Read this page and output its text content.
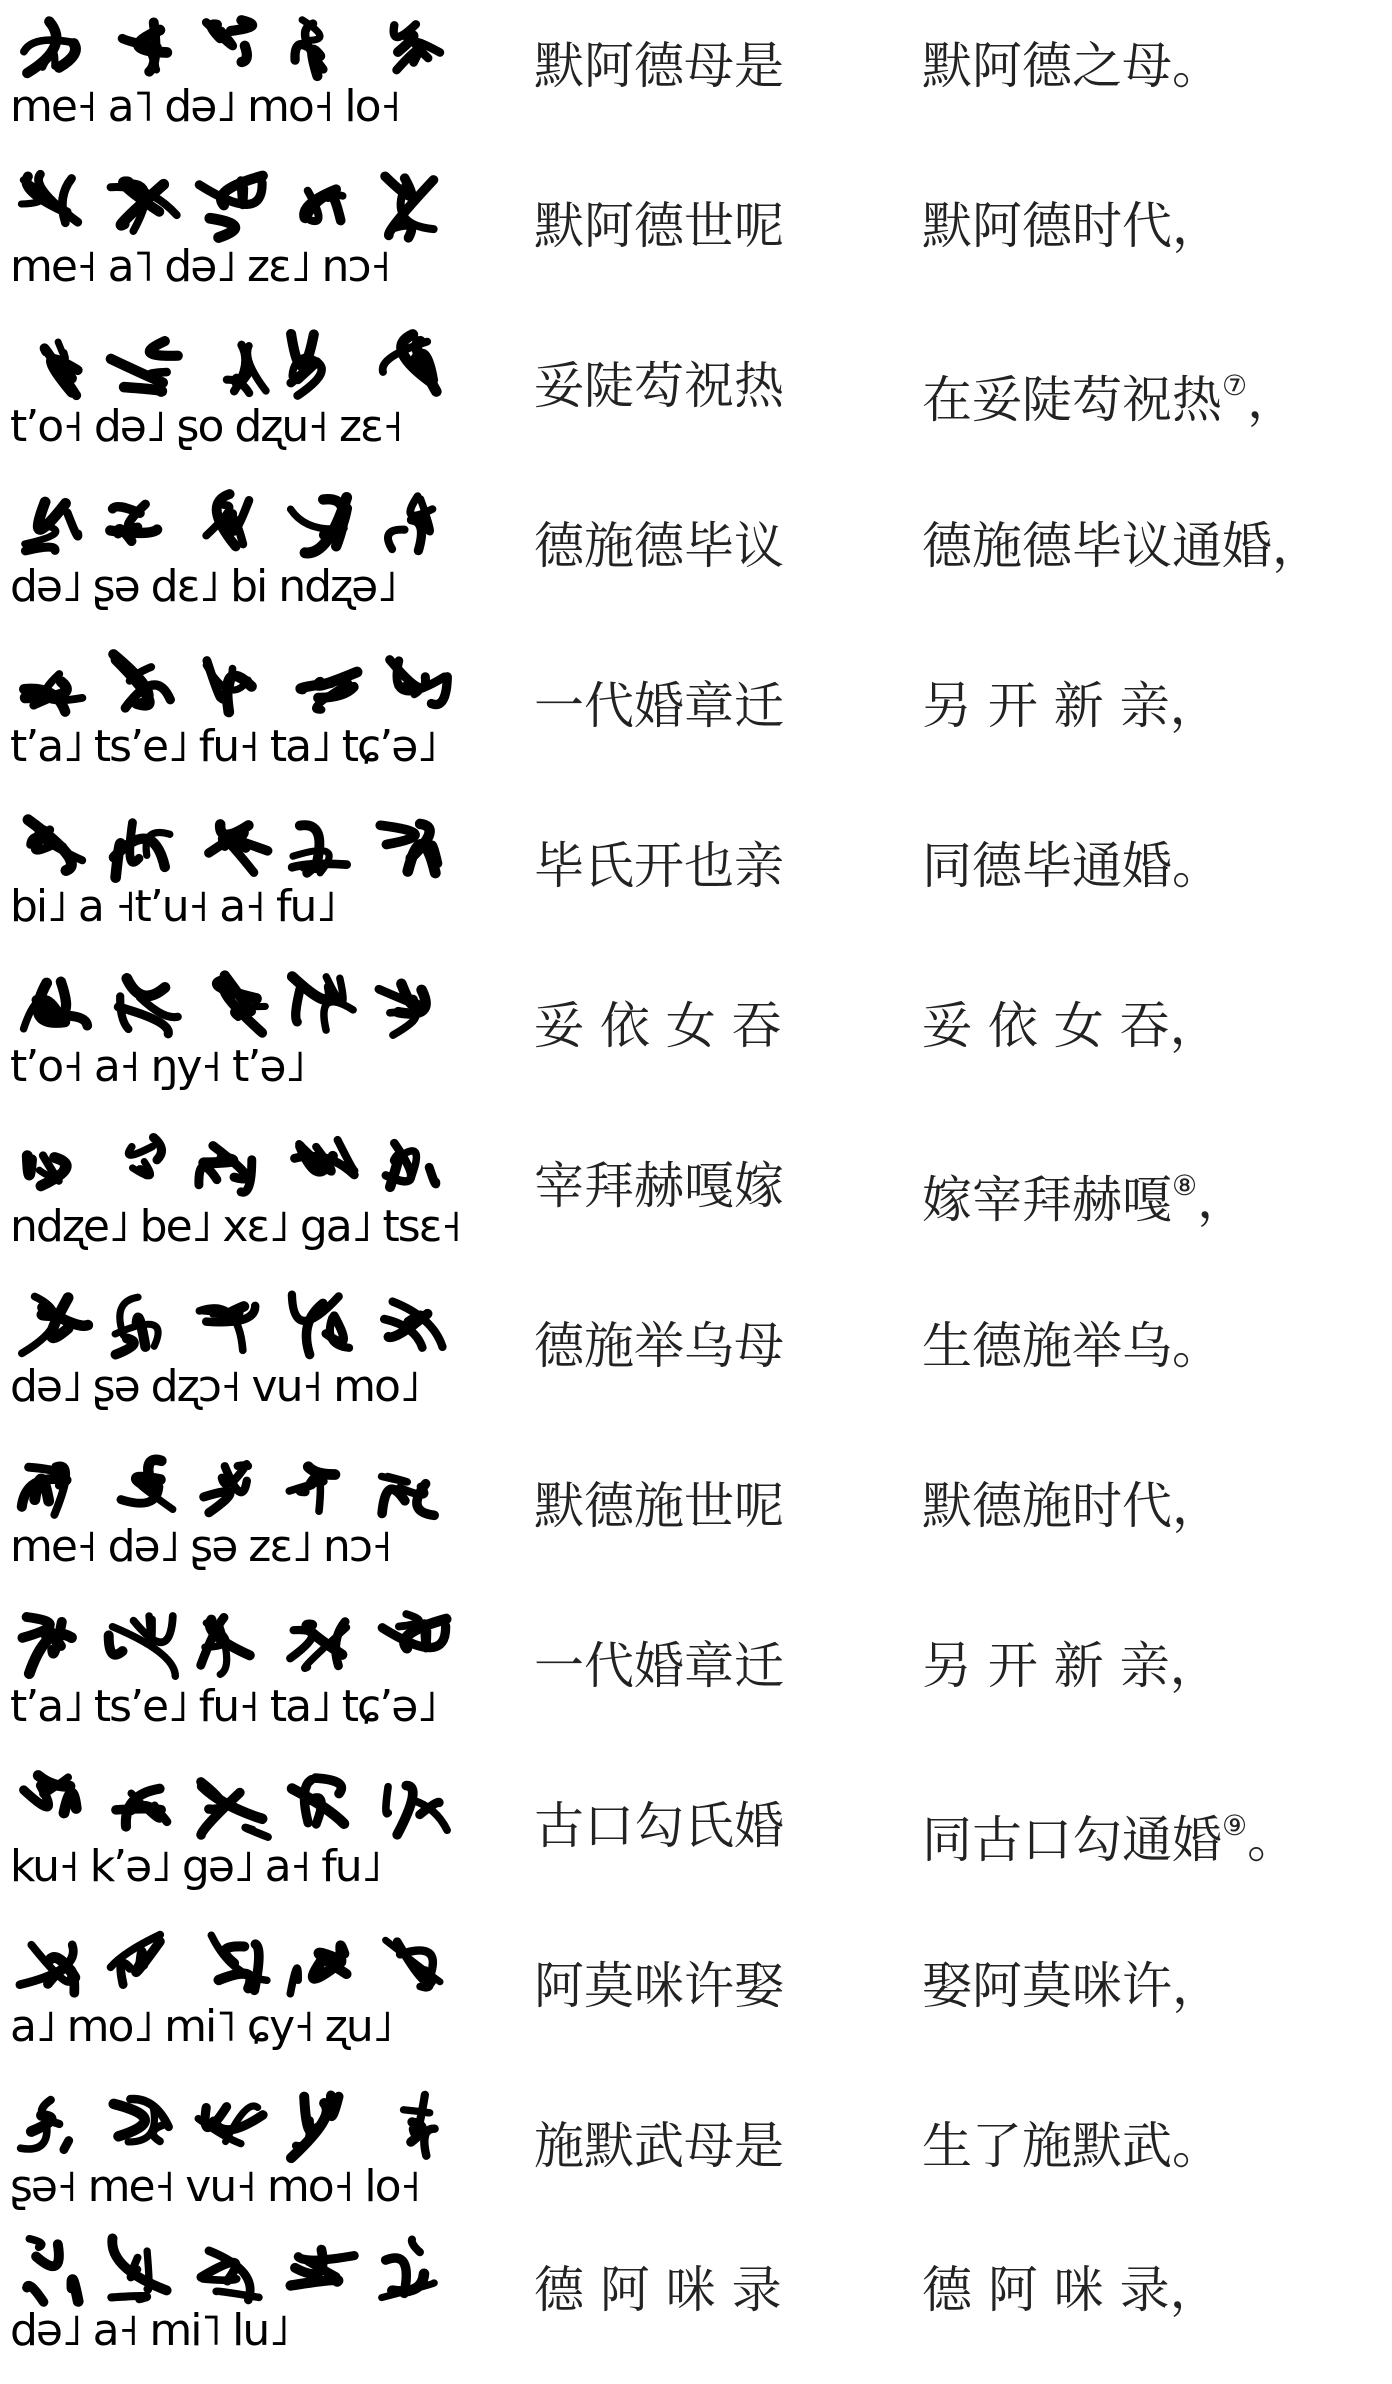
me˧ a˥ də˩ mo˧ lo˧
默阿德母是	默阿德之母。
me˧ a˥ də˩ zɛ˩ nɔ˧
默阿德世呢	默阿德时代，
tʼo˧ də˩ ʂo dʐu˧ zɛ˧
妥陡芶祝热	在妥陡芶祝热⑦，
də˩ ʂə dɛ˩ bi ndʐə˩
德施德毕议	德施德毕议通婚，
tʼa˩ tsʼe˩ fu˧ ta˩ tɕʼə˩
一代婚章迁	另 开 新 亲，
bi˩ a ˧tʼu˧ a˧ fu˩
毕氏开也亲	同德毕通婚。
tʼo˧ a˧ ŋy˧ tʼə˩
妥 依 女 吞	妥 依 女 吞，
ndʐe˩ be˩ xɛ˩ ga˩ tsɛ˧
宰拜赫嘎嫁	嫁宰拜赫嘎⑧，
də˩ ʂə dʐɔ˧ vu˧ mo˩
德施举乌母	生德施举乌。
me˧ də˩ ʂə zɛ˩ nɔ˧
默德施世呢	默德施时代，
tʼa˩ tsʼe˩ fu˧ ta˩ tɕʼə˩
一代婚章迁	另 开 新 亲，
ku˧ kʼə˩ gə˩ a˧ fu˩
古口勾氏婚	同古口勾通婚⑨。
a˩ mo˩ mi˥ ɕy˧ ʐu˩
阿莫咪许娶	娶阿莫咪许，
ʂə˧ me˧ vu˧ mo˧ lo˧
施默武母是	生了施默武。
də˩ a˧ mi˥ lu˩
德 阿 咪 录	德 阿 咪 录，
